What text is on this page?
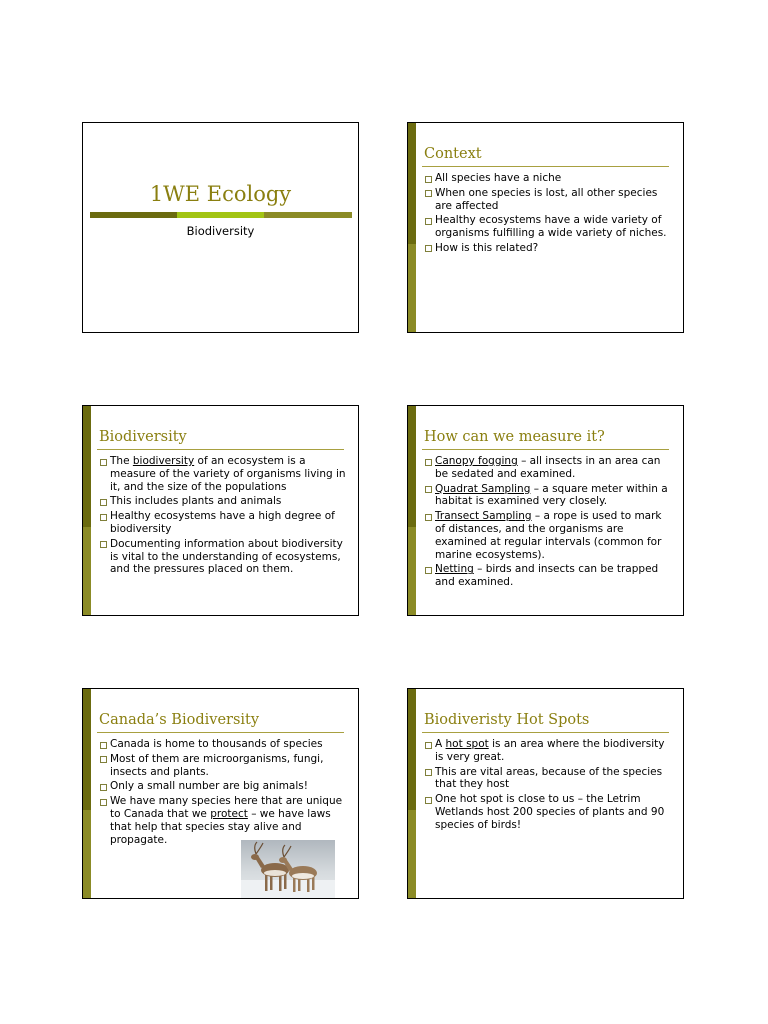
1WE Ecology
Biodiversity
Context
All species have a niche
When one species is lost, all other species are affected
Healthy ecosystems have a wide variety of organisms fulfilling a wide variety of niches.
How is this related?
Biodiversity
The biodiversity of an ecosystem is a measure of the variety of organisms living in it, and the size of the populations
This includes plants and animals
Healthy ecosystems have a high degree of biodiversity
Documenting information about biodiversity is vital to the understanding of ecosystems, and the pressures placed on them.
How can we measure it?
Canopy fogging – all insects in an area can be sedated and examined.
Quadrat Sampling – a square meter within a habitat is examined very closely.
Transect Sampling – a rope is used to mark of distances, and the organisms are examined at regular intervals (common for marine ecosystems).
Netting – birds and insects can be trapped and examined.
Canada’s Biodiversity
Canada is home to thousands of species
Most of them are microorganisms, fungi, insects and plants.
Only a small number are big animals!
We have many species here that are unique to Canada that we protect – we have laws that help that species stay alive and propagate.
Biodiveristy Hot Spots
A hot spot is an area where the biodiversity is very great.
This are vital areas, because of the species that they host
One hot spot is close to us – the Letrim Wetlands host 200 species of plants and 90 species of birds!
